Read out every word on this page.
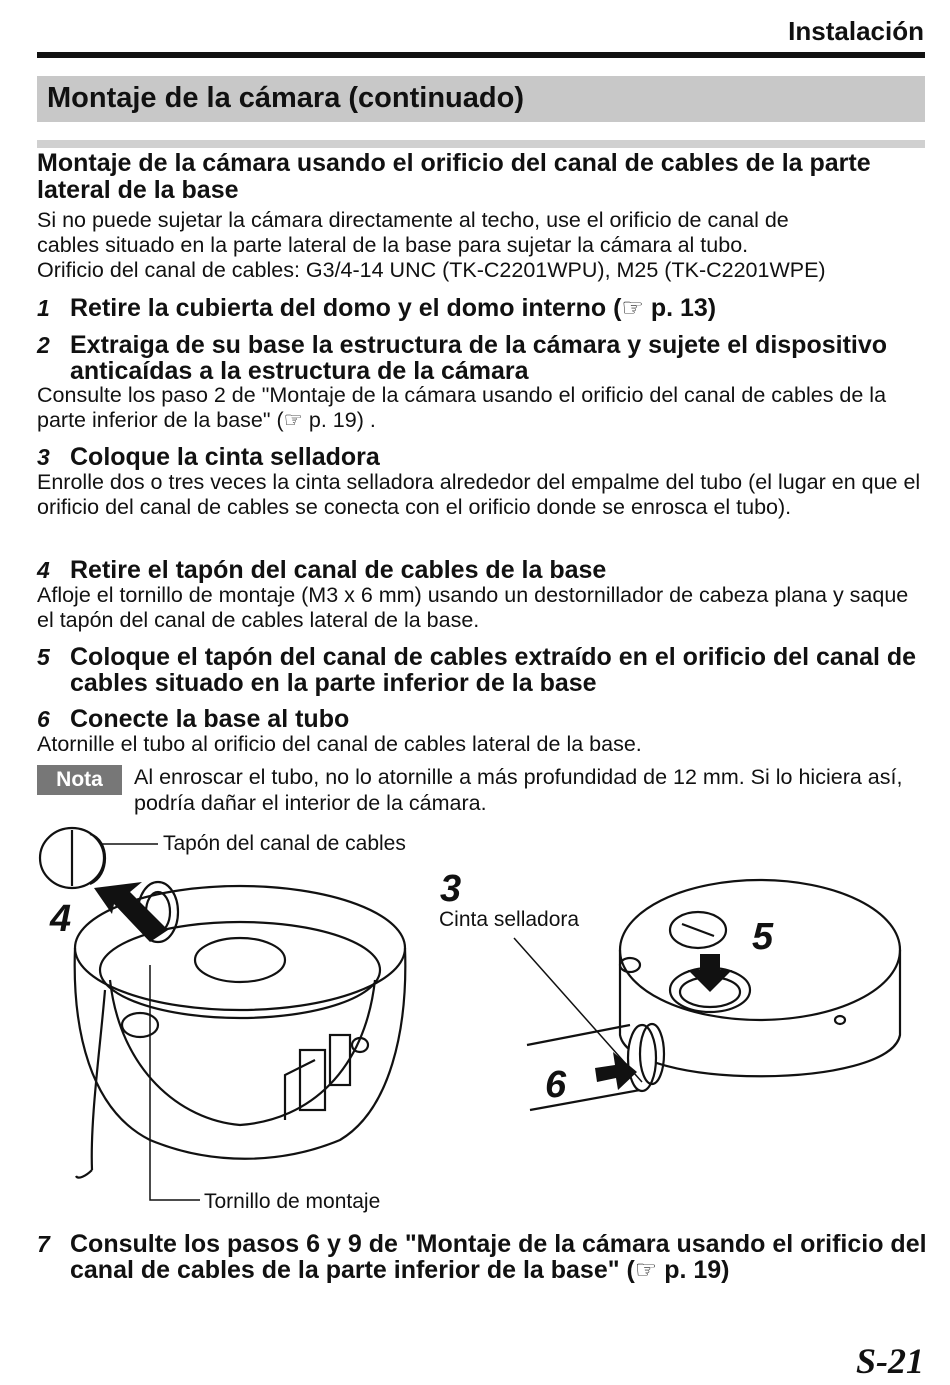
Instalación
Montaje de la cámara (continuado)
Montaje de la cámara usando el orificio del canal de cables de la parte lateral de la base
Si no puede sujetar la cámara directamente al techo, use el orificio de canal de
cables situado en la parte lateral de la base para sujetar la cámara al tubo.
Orificio del canal de cables: G3/4-14 UNC (TK-C2201WPU), M25 (TK-C2201WPE)
1 Retire la cubierta del domo y el domo interno (☞ p. 13)
2 Extraiga de su base la estructura de la cámara y sujete el dispositivo anticaídas a la estructura de la cámara
Consulte los paso 2 de "Montaje de la cámara usando el orificio del canal de cables de la parte inferior de la base" (☞ p. 19) .
3 Coloque la cinta selladora
Enrolle dos o tres veces la cinta selladora alrededor del empalme del tubo (el lugar en que el orificio del canal de cables se conecta con el orificio donde se enrosca el tubo).
4 Retire el tapón del canal de cables de la base
Afloje el tornillo de montaje (M3 x 6 mm) usando un destornillador de cabeza plana y saque el tapón del canal de cables lateral de la base.
5 Coloque el tapón del canal de cables extraído en el orificio del canal de cables situado en la parte inferior de la base
6 Conecte la base al tubo
Atornille el tubo al orificio del canal de cables lateral de la base.
Nota	Al enroscar el tubo, no lo atornille a más profundidad de 12 mm. Si lo hiciera así, podría dañar el interior de la cámara.
Tapón del canal de cables
Cinta selladora
Tornillo de montaje
4
3
5
6
7 Consulte los pasos 6 y 9 de "Montaje de la cámara usando el orificio del canal de cables de la parte inferior de la base" (☞ p. 19)
S-21
